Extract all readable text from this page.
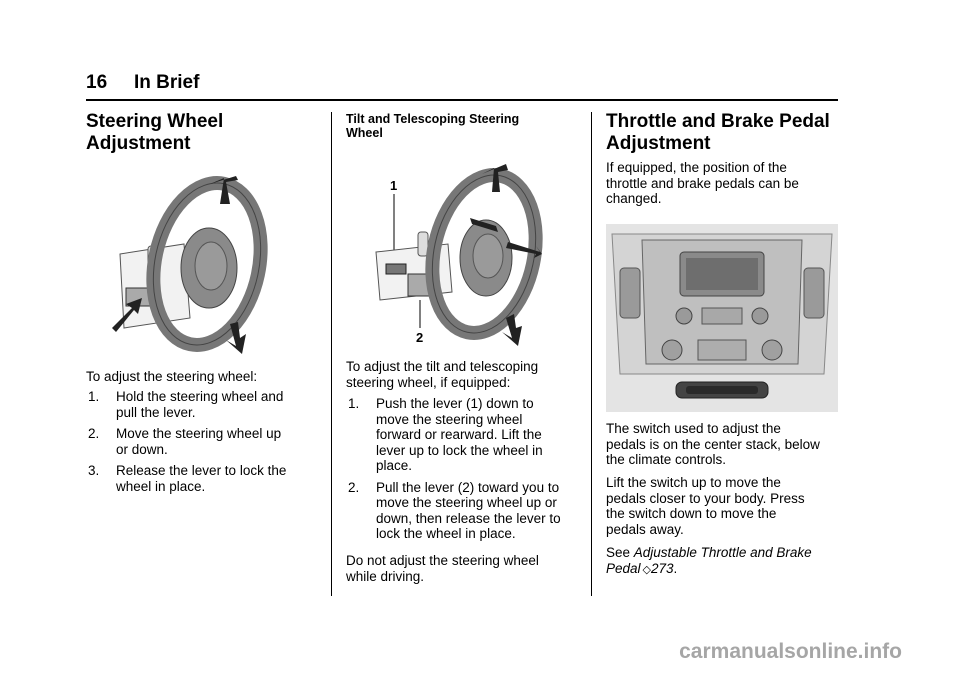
16 In Brief
Steering Wheel
Adjustment
To adjust the steering wheel:
1.	Hold the steering wheel and
pull the lever.
2.	Move the steering wheel up
or down.
3.	Release the lever to lock the
wheel in place.
Tilt and Telescoping Steering
Wheel
1
2
To adjust the tilt and telescoping
steering wheel, if equipped:
1.	Push the lever (1) down to
move the steering wheel
forward or rearward. Lift the
lever up to lock the wheel in
place.
2.	Pull the lever (2) toward you to
move the steering wheel up or
down, then release the lever to
lock the wheel in place.
Do not adjust the steering wheel
while driving.
Throttle and Brake Pedal
Adjustment
If equipped, the position of the
throttle and brake pedals can be
changed.
The switch used to adjust the
pedals is on the center stack, below
the climate controls.
Lift the switch up to move the
pedals closer to your body. Press
the switch down to move the
pedals away.
See Adjustable Throttle and Brake
Pedal ◇273.
carmanualsonline.info
